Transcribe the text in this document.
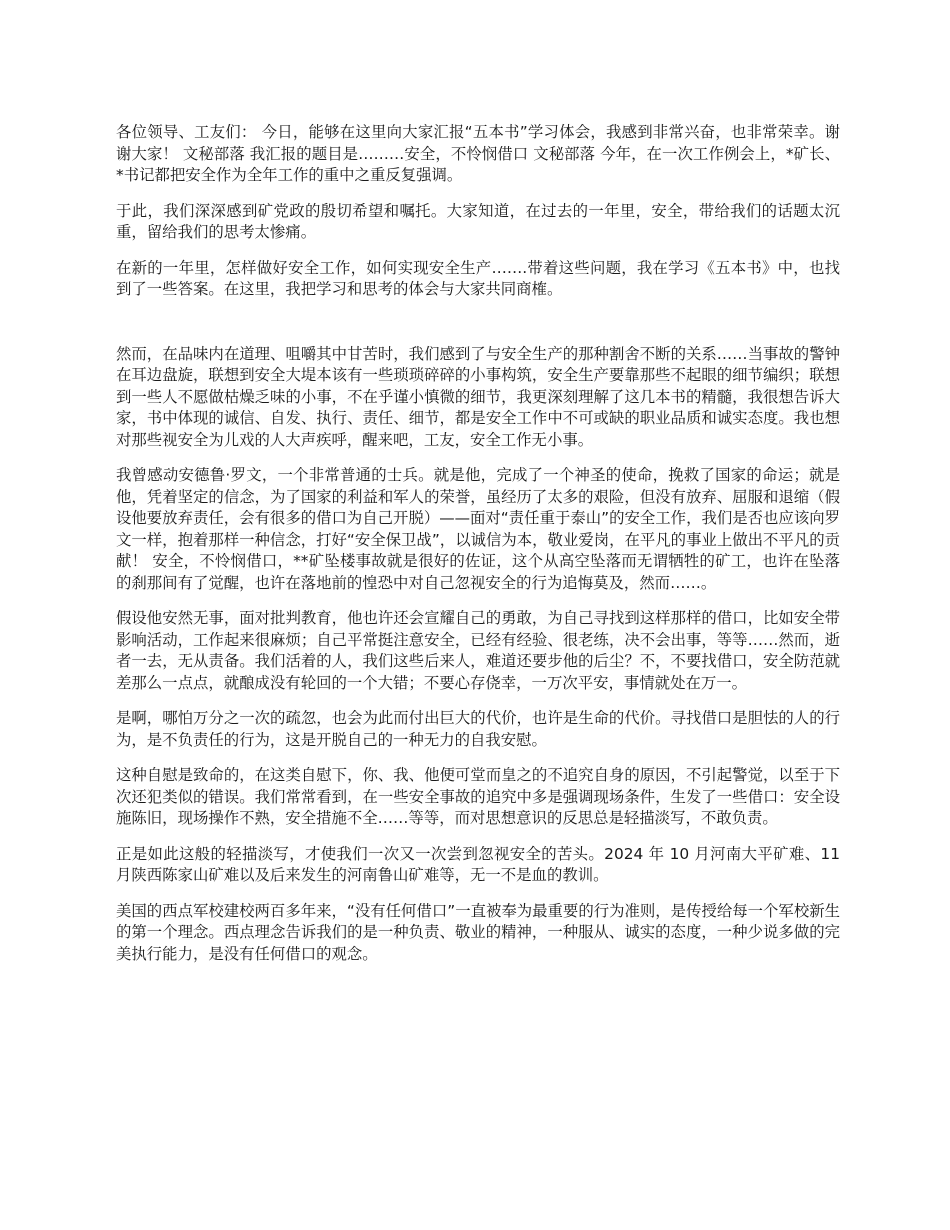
各位领导、工友们： 今日，能够在这里向大家汇报“五本书”学习体会，我感到非常兴奋，也非常荣幸。谢谢大家！ 文秘部落 我汇报的题目是………安全，不怜悯借口 文秘部落 今年，在一次工作例会上，*矿长、*书记都把安全作为全年工作的重中之重反复强调。

于此，我们深深感到矿党政的殷切希望和嘱托。大家知道，在过去的一年里，安全，带给我们的话题太沉重，留给我们的思考太惨痛。

在新的一年里，怎样做好安全工作，如何实现安全生产…….带着这些问题，我在学习《五本书》中，也找到了一些答案。在这里，我把学习和思考的体会与大家共同商榷。

然而，在品味内在道理、咀嚼其中甘苦时，我们感到了与安全生产的那种割舍不断的关系……当事故的警钟在耳边盘旋，联想到安全大堤本该有一些琐琐碎碎的小事构筑，安全生产要靠那些不起眼的细节编织；联想到一些人不愿做枯燥乏味的小事，不在乎谨小慎微的细节，我更深刻理解了这几本书的精髓，我很想告诉大家，书中体现的诚信、自发、执行、责任、细节，都是安全工作中不可或缺的职业品质和诚实态度。我也想对那些视安全为儿戏的人大声疾呼，醒来吧，工友，安全工作无小事。

我曾感动安德鲁·罗文，一个非常普通的士兵。就是他，完成了一个神圣的使命，挽救了国家的命运；就是他，凭着坚定的信念，为了国家的利益和军人的荣誉，虽经历了太多的艰险，但没有放弃、屈服和退缩（假设他要放弃责任，会有很多的借口为自己开脱）——面对“责任重于泰山”的安全工作，我们是否也应该向罗文一样，抱着那样一种信念，打好“安全保卫战”，以诚信为本，敬业爱岗，在平凡的事业上做出不平凡的贡献！ 安全，不怜悯借口，**矿坠楼事故就是很好的佐证，这个从高空坠落而无谓牺牲的矿工，也许在坠落的刹那间有了觉醒，也许在落地前的惶恐中对自己忽视安全的行为追悔莫及，然而……。

假设他安然无事，面对批判教育，他也许还会宣耀自己的勇敢，为自己寻找到这样那样的借口，比如安全带影响活动，工作起来很麻烦；自己平常挺注意安全，已经有经验、很老练，决不会出事，等等……然而，逝者一去，无从责备。我们活着的人，我们这些后来人，难道还要步他的后尘？不，不要找借口，安全防范就差那么一点点，就酿成没有轮回的一个大错；不要心存侥幸，一万次平安，事情就处在万一。

是啊，哪怕万分之一次的疏忽，也会为此而付出巨大的代价，也许是生命的代价。寻找借口是胆怯的人的行为，是不负责任的行为，这是开脱自己的一种无力的自我安慰。

这种自慰是致命的，在这类自慰下，你、我、他便可堂而皇之的不追究自身的原因，不引起警觉，以至于下次还犯类似的错误。我们常常看到，在一些安全事故的追究中多是强调现场条件，生发了一些借口：安全设施陈旧，现场操作不熟，安全措施不全……等等，而对思想意识的反思总是轻描淡写，不敢负责。

正是如此这般的轻描淡写，才使我们一次又一次尝到忽视安全的苦头。2024 年 10 月河南大平矿难、11 月陕西陈家山矿难以及后来发生的河南鲁山矿难等，无一不是血的教训。

美国的西点军校建校两百多年来，“没有任何借口”一直被奉为最重要的行为准则，是传授给每一个军校新生的第一个理念。西点理念告诉我们的是一种负责、敬业的精神，一种服从、诚实的态度，一种少说多做的完美执行能力，是没有任何借口的观念。
